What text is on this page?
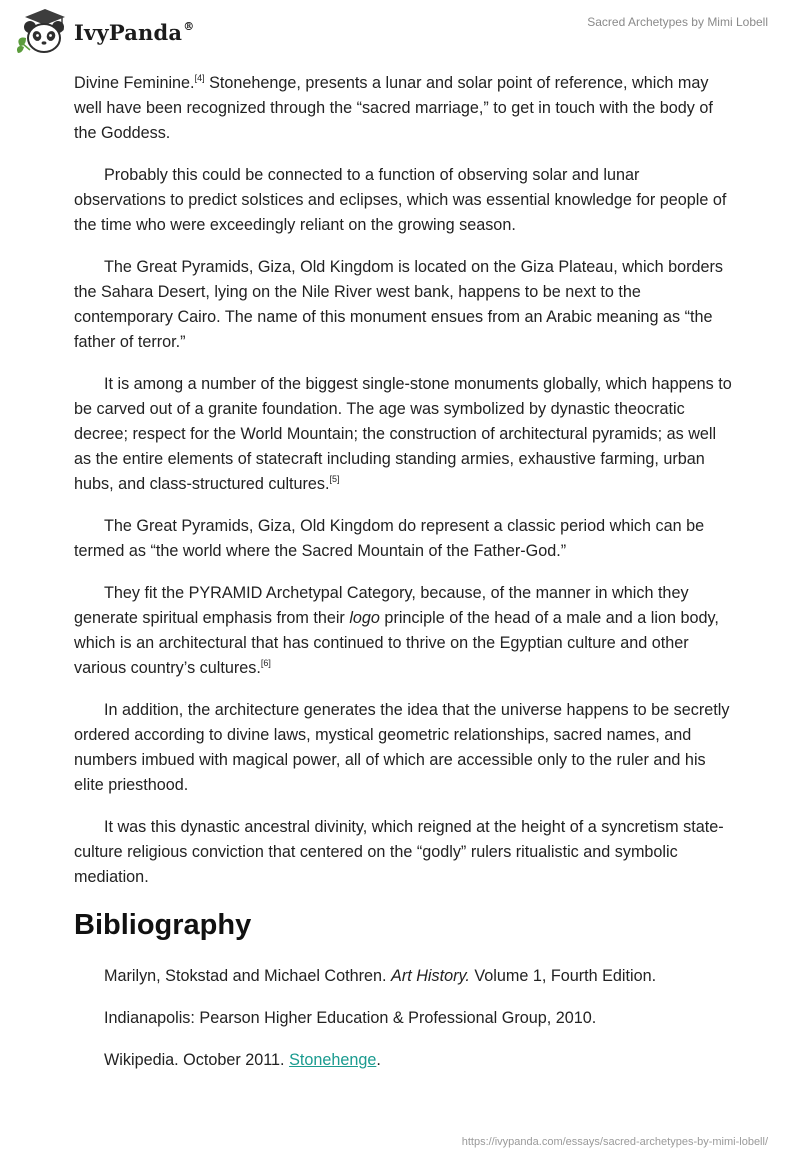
IvyPanda®	Sacred Archetypes by Mimi Lobell

Divine Feminine.[4] Stonehenge, presents a lunar and solar point of reference, which may well have been recognized through the “sacred marriage,” to get in touch with the body of the Goddess.

Probably this could be connected to a function of observing solar and lunar observations to predict solstices and eclipses, which was essential knowledge for people of the time who were exceedingly reliant on the growing season.

The Great Pyramids, Giza, Old Kingdom is located on the Giza Plateau, which borders the Sahara Desert, lying on the Nile River west bank, happens to be next to the contemporary Cairo. The name of this monument ensues from an Arabic meaning as “the father of terror.”

It is among a number of the biggest single-stone monuments globally, which happens to be carved out of a granite foundation. The age was symbolized by dynastic theocratic decree; respect for the World Mountain; the construction of architectural pyramids; as well as the entire elements of statecraft including standing armies, exhaustive farming, urban hubs, and class-structured cultures.[5]

The Great Pyramids, Giza, Old Kingdom do represent a classic period which can be termed as “the world where the Sacred Mountain of the Father-God.”

They fit the PYRAMID Archetypal Category, because, of the manner in which they generate spiritual emphasis from their logo principle of the head of a male and a lion body, which is an architectural that has continued to thrive on the Egyptian culture and other various country’s cultures.[6]

In addition, the architecture generates the idea that the universe happens to be secretly ordered according to divine laws, mystical geometric relationships, sacred names, and numbers imbued with magical power, all of which are accessible only to the ruler and his elite priesthood.

It was this dynastic ancestral divinity, which reigned at the height of a syncretism state-culture religious conviction that centered on the “godly” rulers ritualistic and symbolic mediation.

Bibliography

Marilyn, Stokstad and Michael Cothren. Art History. Volume 1, Fourth Edition.

Indianapolis: Pearson Higher Education & Professional Group, 2010.

Wikipedia. October 2011. Stonehenge.

https://ivypanda.com/essays/sacred-archetypes-by-mimi-lobell/
